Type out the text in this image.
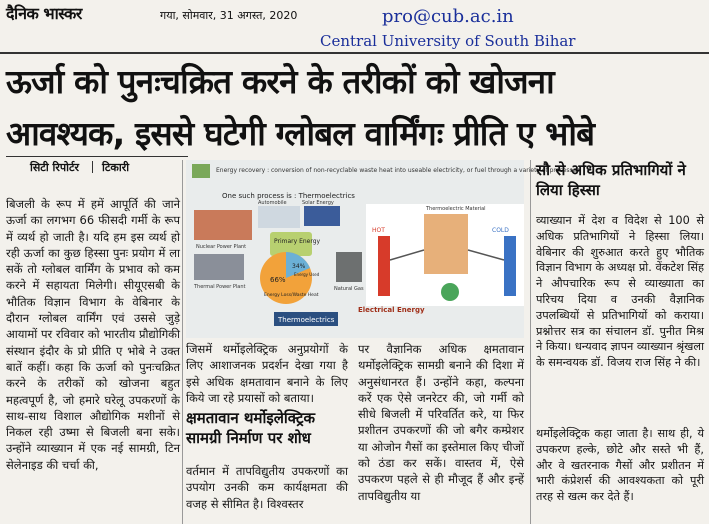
दैनिक भास्कर	गया, सोमवार, 31 अगस्त, 2020	pro@cub.ac.in
Central University of South Bihar
ऊर्जा को पुनःचक्रित करने के तरीकों को खोजना
आवश्यक, इससे घटेगी ग्लोबल वार्मिंगः प्रीति ए भोबे
सिटी रिपोर्टर टिकारी

बिजली के रूप में हमें आपूर्ति की जाने ऊर्जा का लगभग 66 फीसदी गर्मी के रूप में व्यर्थ हो जाती है। यदि हम इस व्यर्थ हो रही ऊर्जा का कुछ हिस्सा पुनः प्रयोग में ला सकें तो ग्लोबल वार्मिंग के प्रभाव को कम करने में सहायता मिलेगी। सीयूएसबी के भौतिक विज्ञान विभाग के वेबिनार के दौरान ग्लोबल वार्मिंग एवं उससे जुड़े आयामों पर रविवार को भारतीय प्रौद्योगिकी संस्थान इंदौर के प्रो प्रीति ए भोबे ने उक्त बातें कहीं। कहा कि ऊर्जा को पुनःचक्रित करने के तरीकों को खोजना बहुत महत्वपूर्ण है, जो हमारे घरेलू उपकरणों के साथ-साथ विशाल औद्योगिक मशीनों से निकल रही उष्मा से बिजली बना सके। उन्होंने व्याख्यान में एक नई सामग्री, टिन सेलेनाइड की चर्चा की,

Energy recovery : conversion of non-recyclable waste heat into useable electricity, or fuel through a variety of processes
One such process is : Thermoelectrics
Nuclear Power Plant
Automobile	Solar Energy
Primary Energy
Thermal Power Plant	Natural Gas
66%
34%
Energy Used
Energy Loss/Waste Heat
Thermoelectrics
Electrical Energy
HOT
Thermoelectric Material
COLD

जिसमें थर्मोइलेक्ट्रिक अनुप्रयोगों के लिए आशाजनक प्रदर्शन देखा गया है इसे अधिक क्षमतावान बनाने के लिए किये जा रहे प्रयासों को बताया।

क्षमतावान थर्मोइलेक्ट्रिक सामग्री निर्माण पर शोध

वर्तमान में तापविद्युतीय उपकरणों का उपयोग उनकी कम कार्यक्षमता की वजह से सीमित है। विश्वस्तर

पर वैज्ञानिक अधिक क्षमतावान थर्मोइलेक्ट्रिक सामग्री बनाने की दिशा में अनुसंधानरत हैं। उन्होंने कहा, कल्पना करें एक ऐसे जनरेटर की, जो गर्मी को सीधे बिजली में परिवर्तित करे, या फिर प्रशीतन उपकरणों की जो बगैर कम्प्रेशर या ओजोन गैसों का इस्तेमाल किए चीजों को ठंडा कर सकें। वास्तव में, ऐसे उपकरण पहले से ही मौजूद हैं और इन्हें तापविद्युतीय या

सौ से अधिक प्रतिभागियों ने लिया हिस्सा

व्याख्यान में देश व विदेश से 100 से अधिक प्रतिभागियों ने हिस्सा लिया। वेबिनार की शुरुआत करते हुए भौतिक विज्ञान विभाग के अध्यक्ष प्रो. वेंकटेश सिंह ने औपचारिक रूप से व्याख्याता का परिचय दिया व उनकी वैज्ञानिक उपलब्धियों से प्रतिभागियों को कराया। प्रश्नोत्तर सत्र का संचालन डॉ. पुनीत मिश्र ने किया। धन्यवाद ज्ञापन व्याख्यान श्रृंखला के समन्वयक डॉ. विजय राज सिंह ने की।

थर्मोइलेक्ट्रिक कहा जाता है। साथ ही, ये उपकरण हल्के, छोटे और सस्ते भी हैं, और वे खतरनाक गैसों और प्रशीतन में भारी कंप्रेशर्स की आवश्यकता को पूरी तरह से खत्म कर देते हैं।
